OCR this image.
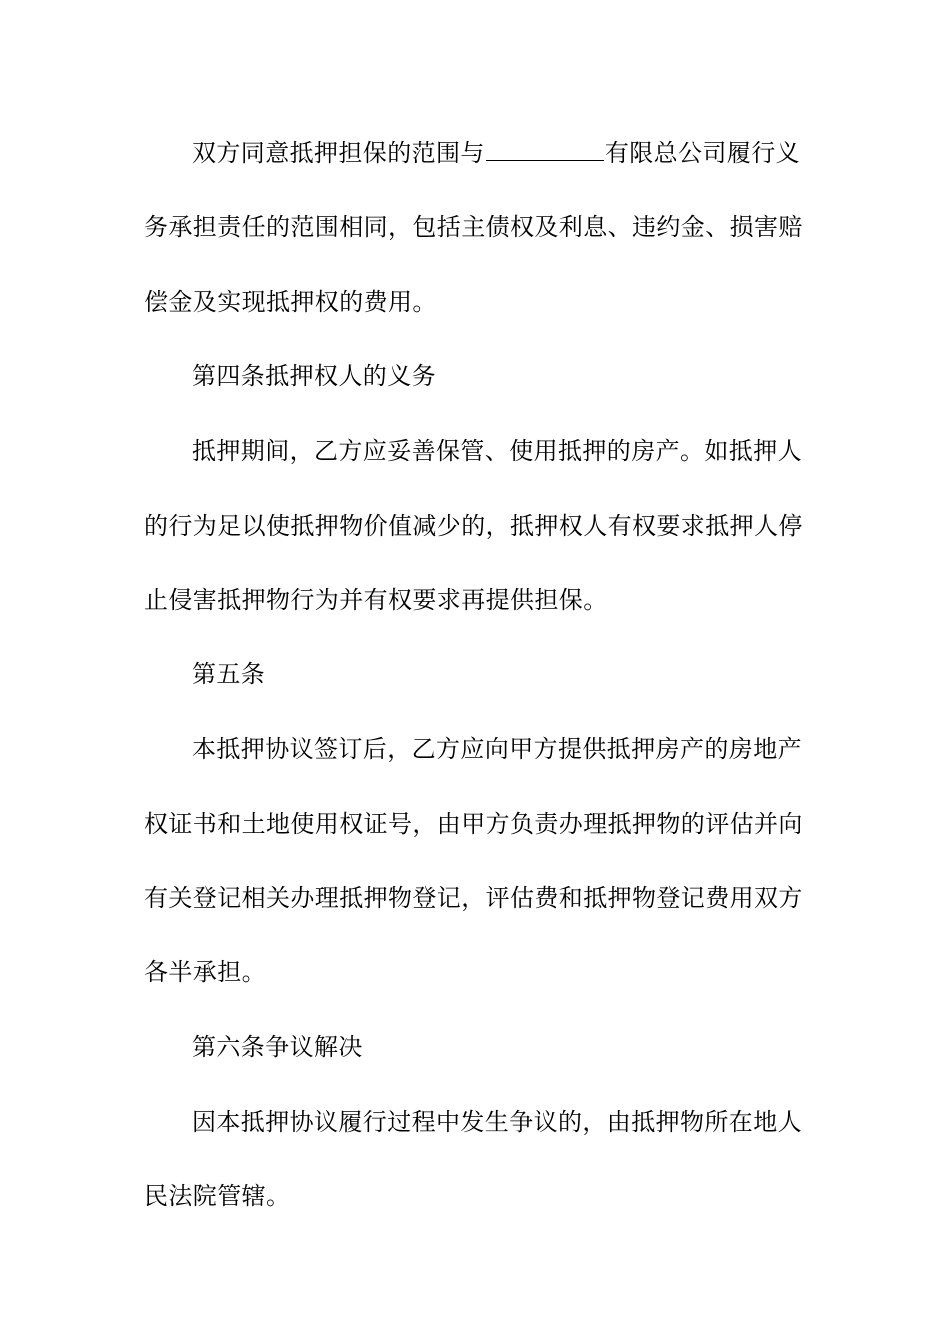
双方同意抵押担保的范围与	有限总公司履行义
务承担责任的范围相同，包括主债权及利息、违约金、损害赔
偿金及实现抵押权的费用。
第四条抵押权人的义务
抵押期间，乙方应妥善保管、使用抵押的房产。如抵押人
的行为足以使抵押物价值减少的，抵押权人有权要求抵押人停
止侵害抵押物行为并有权要求再提供担保。
第五条
本抵押协议签订后，乙方应向甲方提供抵押房产的房地产
权证书和土地使用权证号，由甲方负责办理抵押物的评估并向
有关登记相关办理抵押物登记，评估费和抵押物登记费用双方
各半承担。
第六条争议解决
因本抵押协议履行过程中发生争议的，由抵押物所在地人
民法院管辖。
